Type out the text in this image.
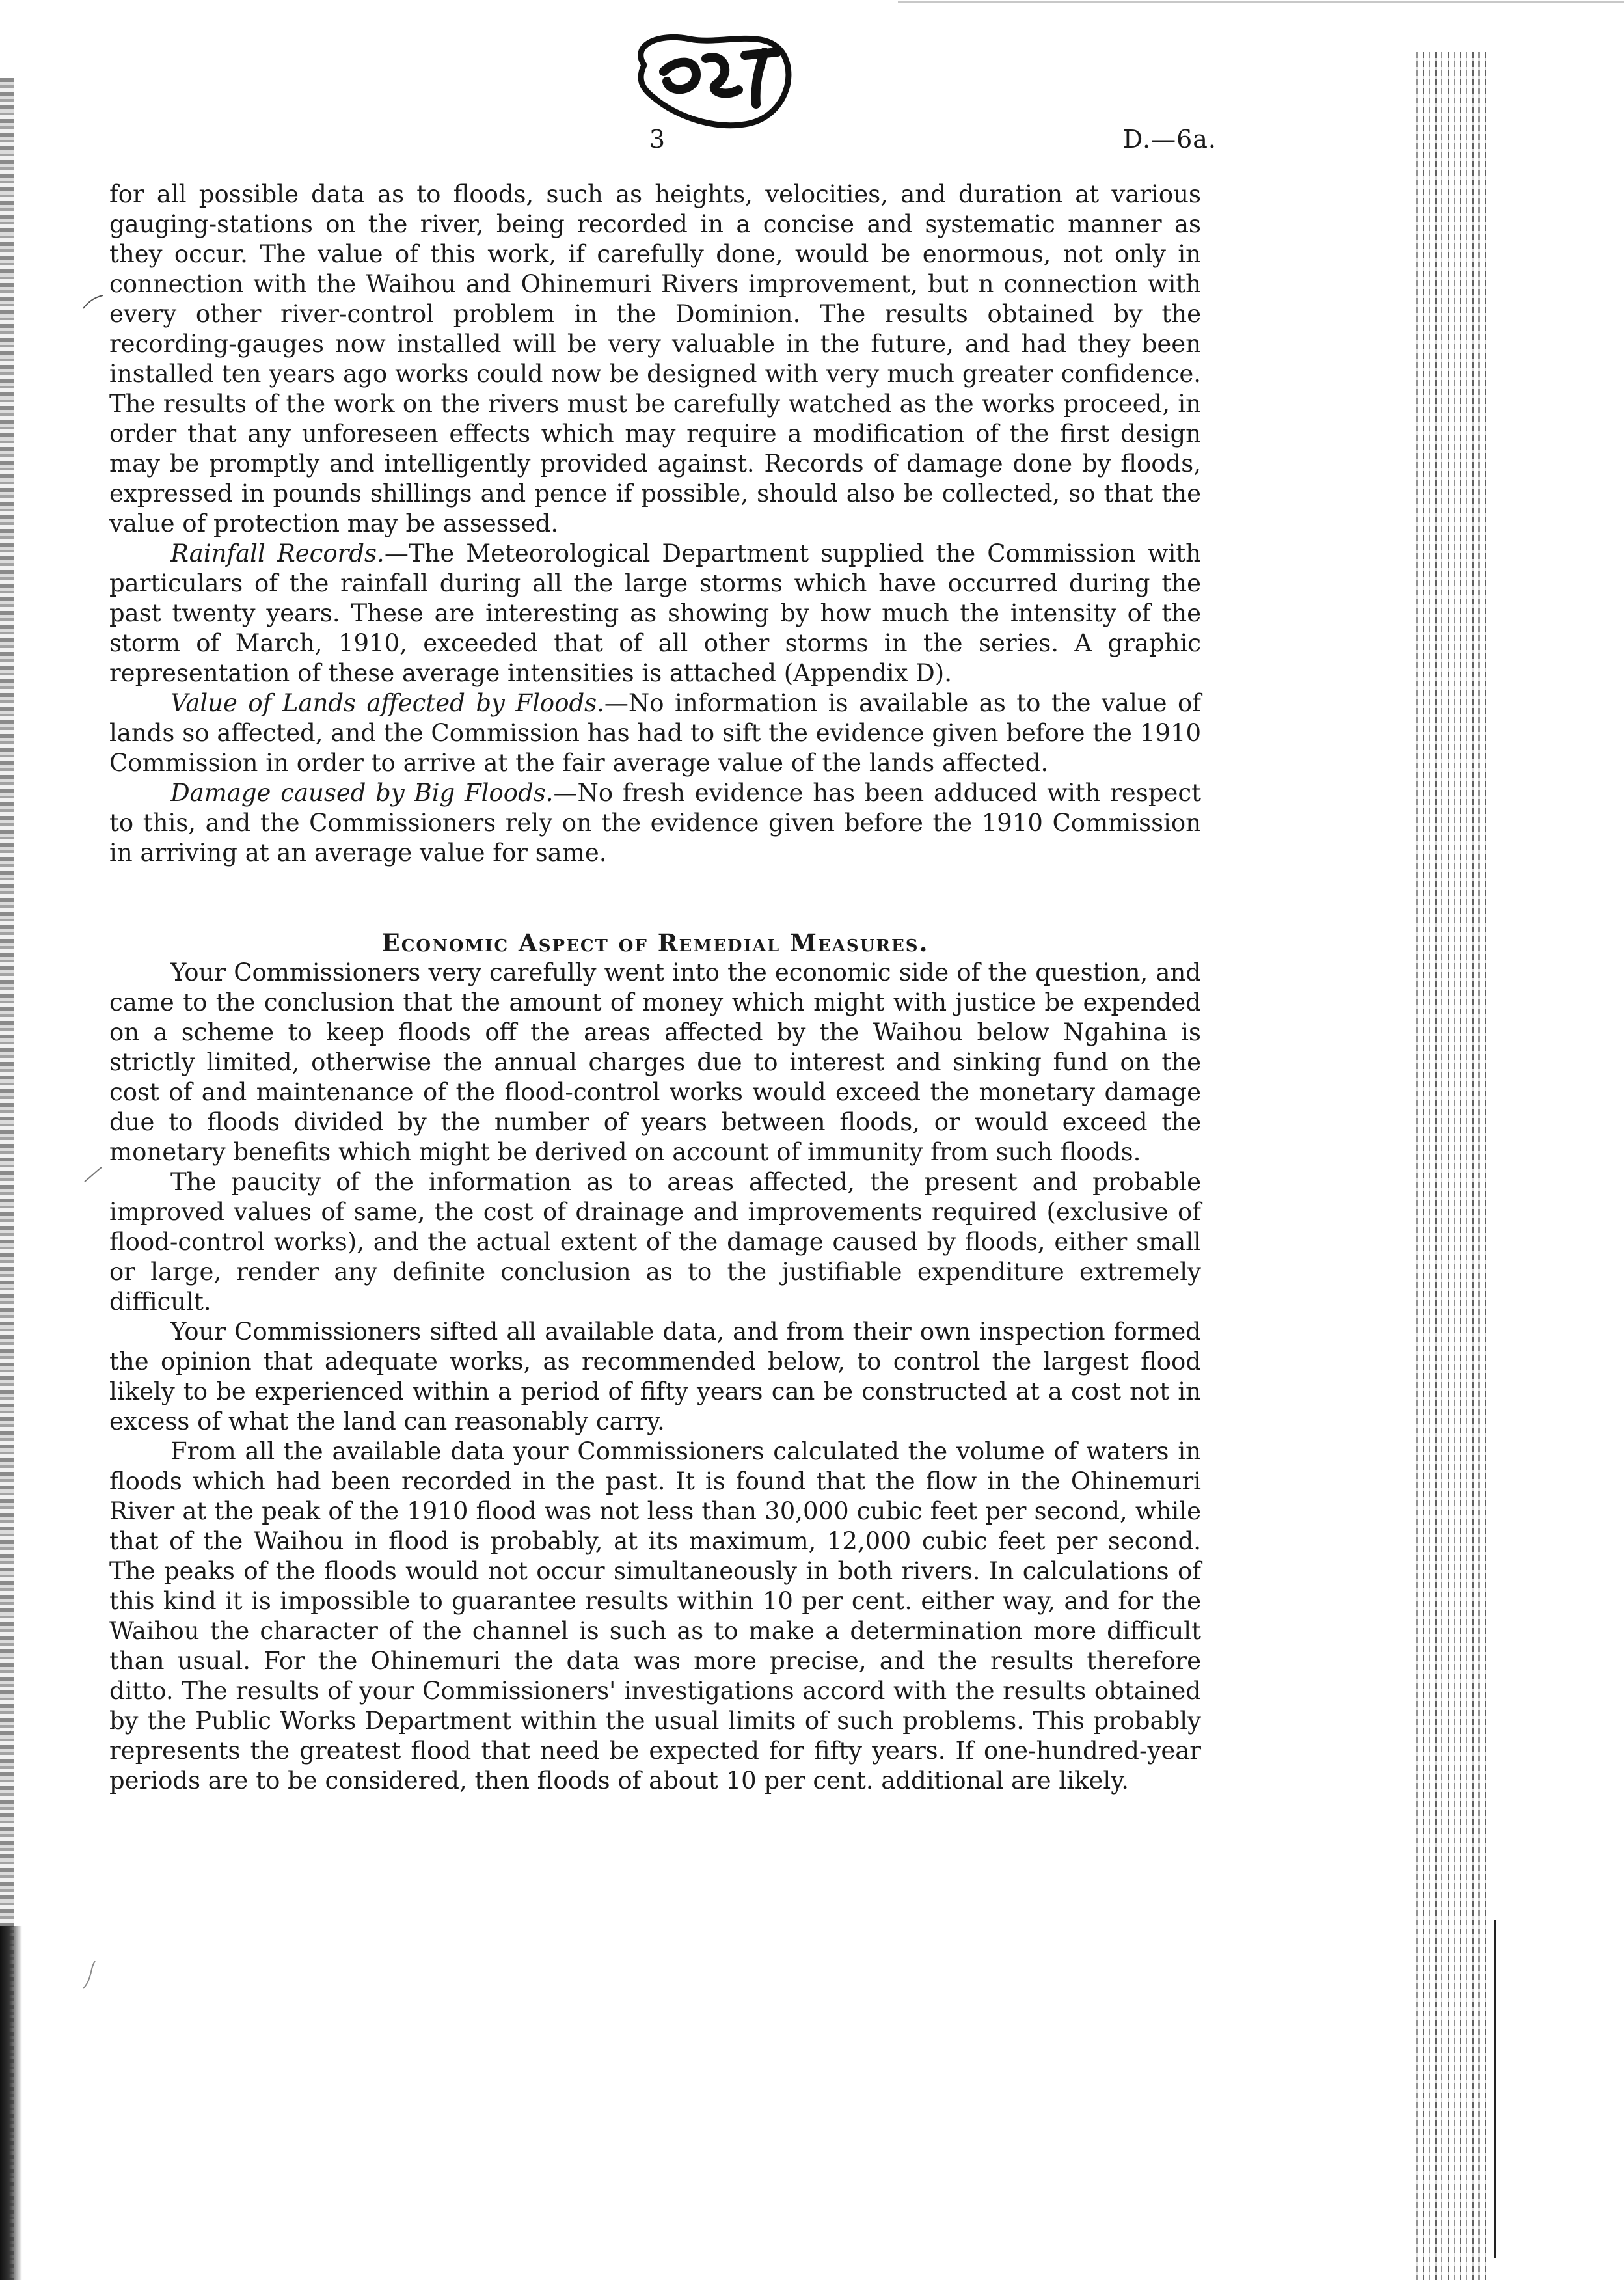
3	D.—6a.

for all possible data as to floods, such as heights, velocities, and duration at various gauging-stations on the river, being recorded in a concise and systematic manner as they occur. The value of this work, if carefully done, would be enormous, not only in connection with the Waihou and Ohinemuri Rivers improvement, but n connection with every other river-control problem in the Dominion. The results obtained by the recording-gauges now installed will be very valuable in the future, and had they been installed ten years ago works could now be designed with very much greater confidence. The results of the work on the rivers must be carefully watched as the works proceed, in order that any unforeseen effects which may require a modification of the first design may be promptly and intelligently provided against. Records of damage done by floods, expressed in pounds shillings and pence if possible, should also be collected, so that the value of protection may be assessed.

Rainfall Records.—The Meteorological Department supplied the Commission with particulars of the rainfall during all the large storms which have occurred during the past twenty years. These are interesting as showing by how much the intensity of the storm of March, 1910, exceeded that of all other storms in the series. A graphic representation of these average intensities is attached (Appendix D).

Value of Lands affected by Floods.—No information is available as to the value of lands so affected, and the Commission has had to sift the evidence given before the 1910 Commission in order to arrive at the fair average value of the lands affected.

Damage caused by Big Floods.—No fresh evidence has been adduced with respect to this, and the Commissioners rely on the evidence given before the 1910 Commission in arriving at an average value for same.

Economic Aspect of Remedial Measures.

Your Commissioners very carefully went into the economic side of the question, and came to the conclusion that the amount of money which might with justice be expended on a scheme to keep floods off the areas affected by the Waihou below Ngahina is strictly limited, otherwise the annual charges due to interest and sinking fund on the cost of and maintenance of the flood-control works would exceed the monetary damage due to floods divided by the number of years between floods, or would exceed the monetary benefits which might be derived on account of immunity from such floods.

The paucity of the information as to areas affected, the present and probable improved values of same, the cost of drainage and improvements required (exclusive of flood-control works), and the actual extent of the damage caused by floods, either small or large, render any definite conclusion as to the justifiable expenditure extremely difficult.

Your Commissioners sifted all available data, and from their own inspection formed the opinion that adequate works, as recommended below, to control the largest flood likely to be experienced within a period of fifty years can be constructed at a cost not in excess of what the land can reasonably carry.

From all the available data your Commissioners calculated the volume of waters in floods which had been recorded in the past. It is found that the flow in the Ohinemuri River at the peak of the 1910 flood was not less than 30,000 cubic feet per second, while that of the Waihou in flood is probably, at its maximum, 12,000 cubic feet per second. The peaks of the floods would not occur simultaneously in both rivers. In calculations of this kind it is impossible to guarantee results within 10 per cent. either way, and for the Waihou the character of the channel is such as to make a determination more difficult than usual. For the Ohinemuri the data was more precise, and the results therefore ditto. The results of your Commissioners' investigations accord with the results obtained by the Public Works Department within the usual limits of such problems. This probably represents the greatest flood that need be expected for fifty years. If one-hundred-year periods are to be considered, then floods of about 10 per cent. additional are likely.
